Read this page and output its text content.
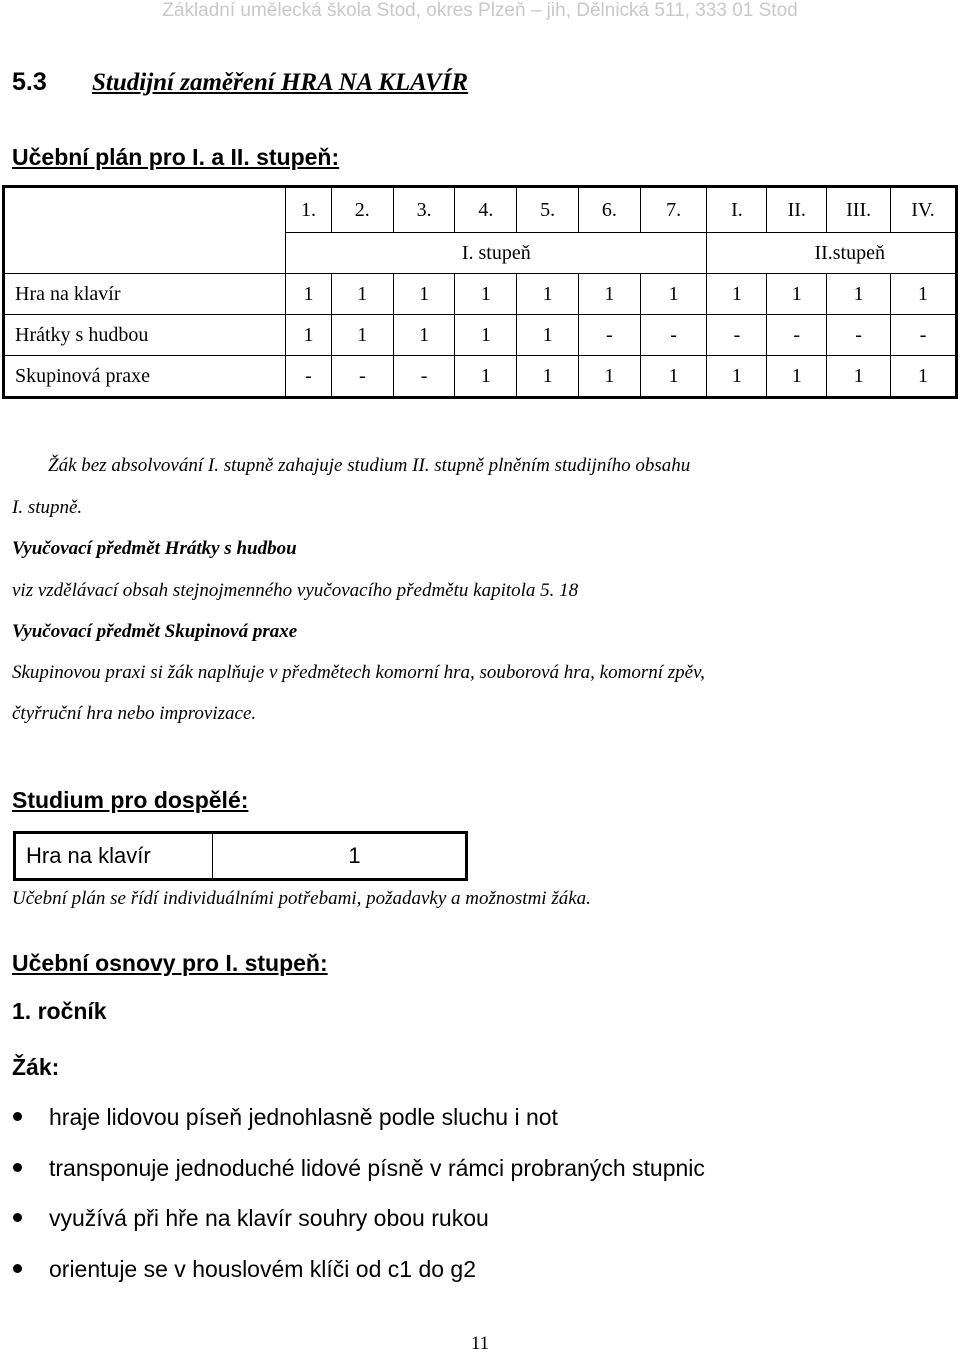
Základní umělecká škola Stod, okres Plzeň – jih, Dělnická 511, 333 01 Stod
5.3 Studijní zaměření HRA NA KLAVÍR
Učební plán pro I. a II. stupeň:
	1.	2.	3.	4.	5.	6.	7.	I.	II.	III.	IV.
	I. stupeň							II.stupeň			
Hra na klavír	1	1	1	1	1	1	1	1	1	1	1
Hrátky s hudbou	1	1	1	1	1	-	-	-	-	-	-
Skupinová praxe	-	-	-	1	1	1	1	1	1	1	1
Žák bez absolvování I. stupně zahajuje studium II. stupně plněním studijního obsahu
I. stupně.
Vyučovací předmět Hrátky s hudbou
viz vzdělávací obsah stejnojmenného vyučovacího předmětu kapitola 5. 18
Vyučovací předmět Skupinová praxe
Skupinovou praxi si žák naplňuje v předmětech komorní hra, souborová hra, komorní zpěv,
čtyřruční hra nebo improvizace.
Studium pro dospělé:
Hra na klavír	1
Učební plán se řídí individuálními potřebami, požadavky a možnostmi žáka.
Učební osnovy pro I. stupeň:
1. ročník
Žák:
hraje lidovou píseň jednohlasně podle sluchu i not
transponuje jednoduché lidové písně v rámci probraných stupnic
využívá při hře na klavír souhry obou rukou
orientuje se v houslovém klíči od c1 do g2
11
